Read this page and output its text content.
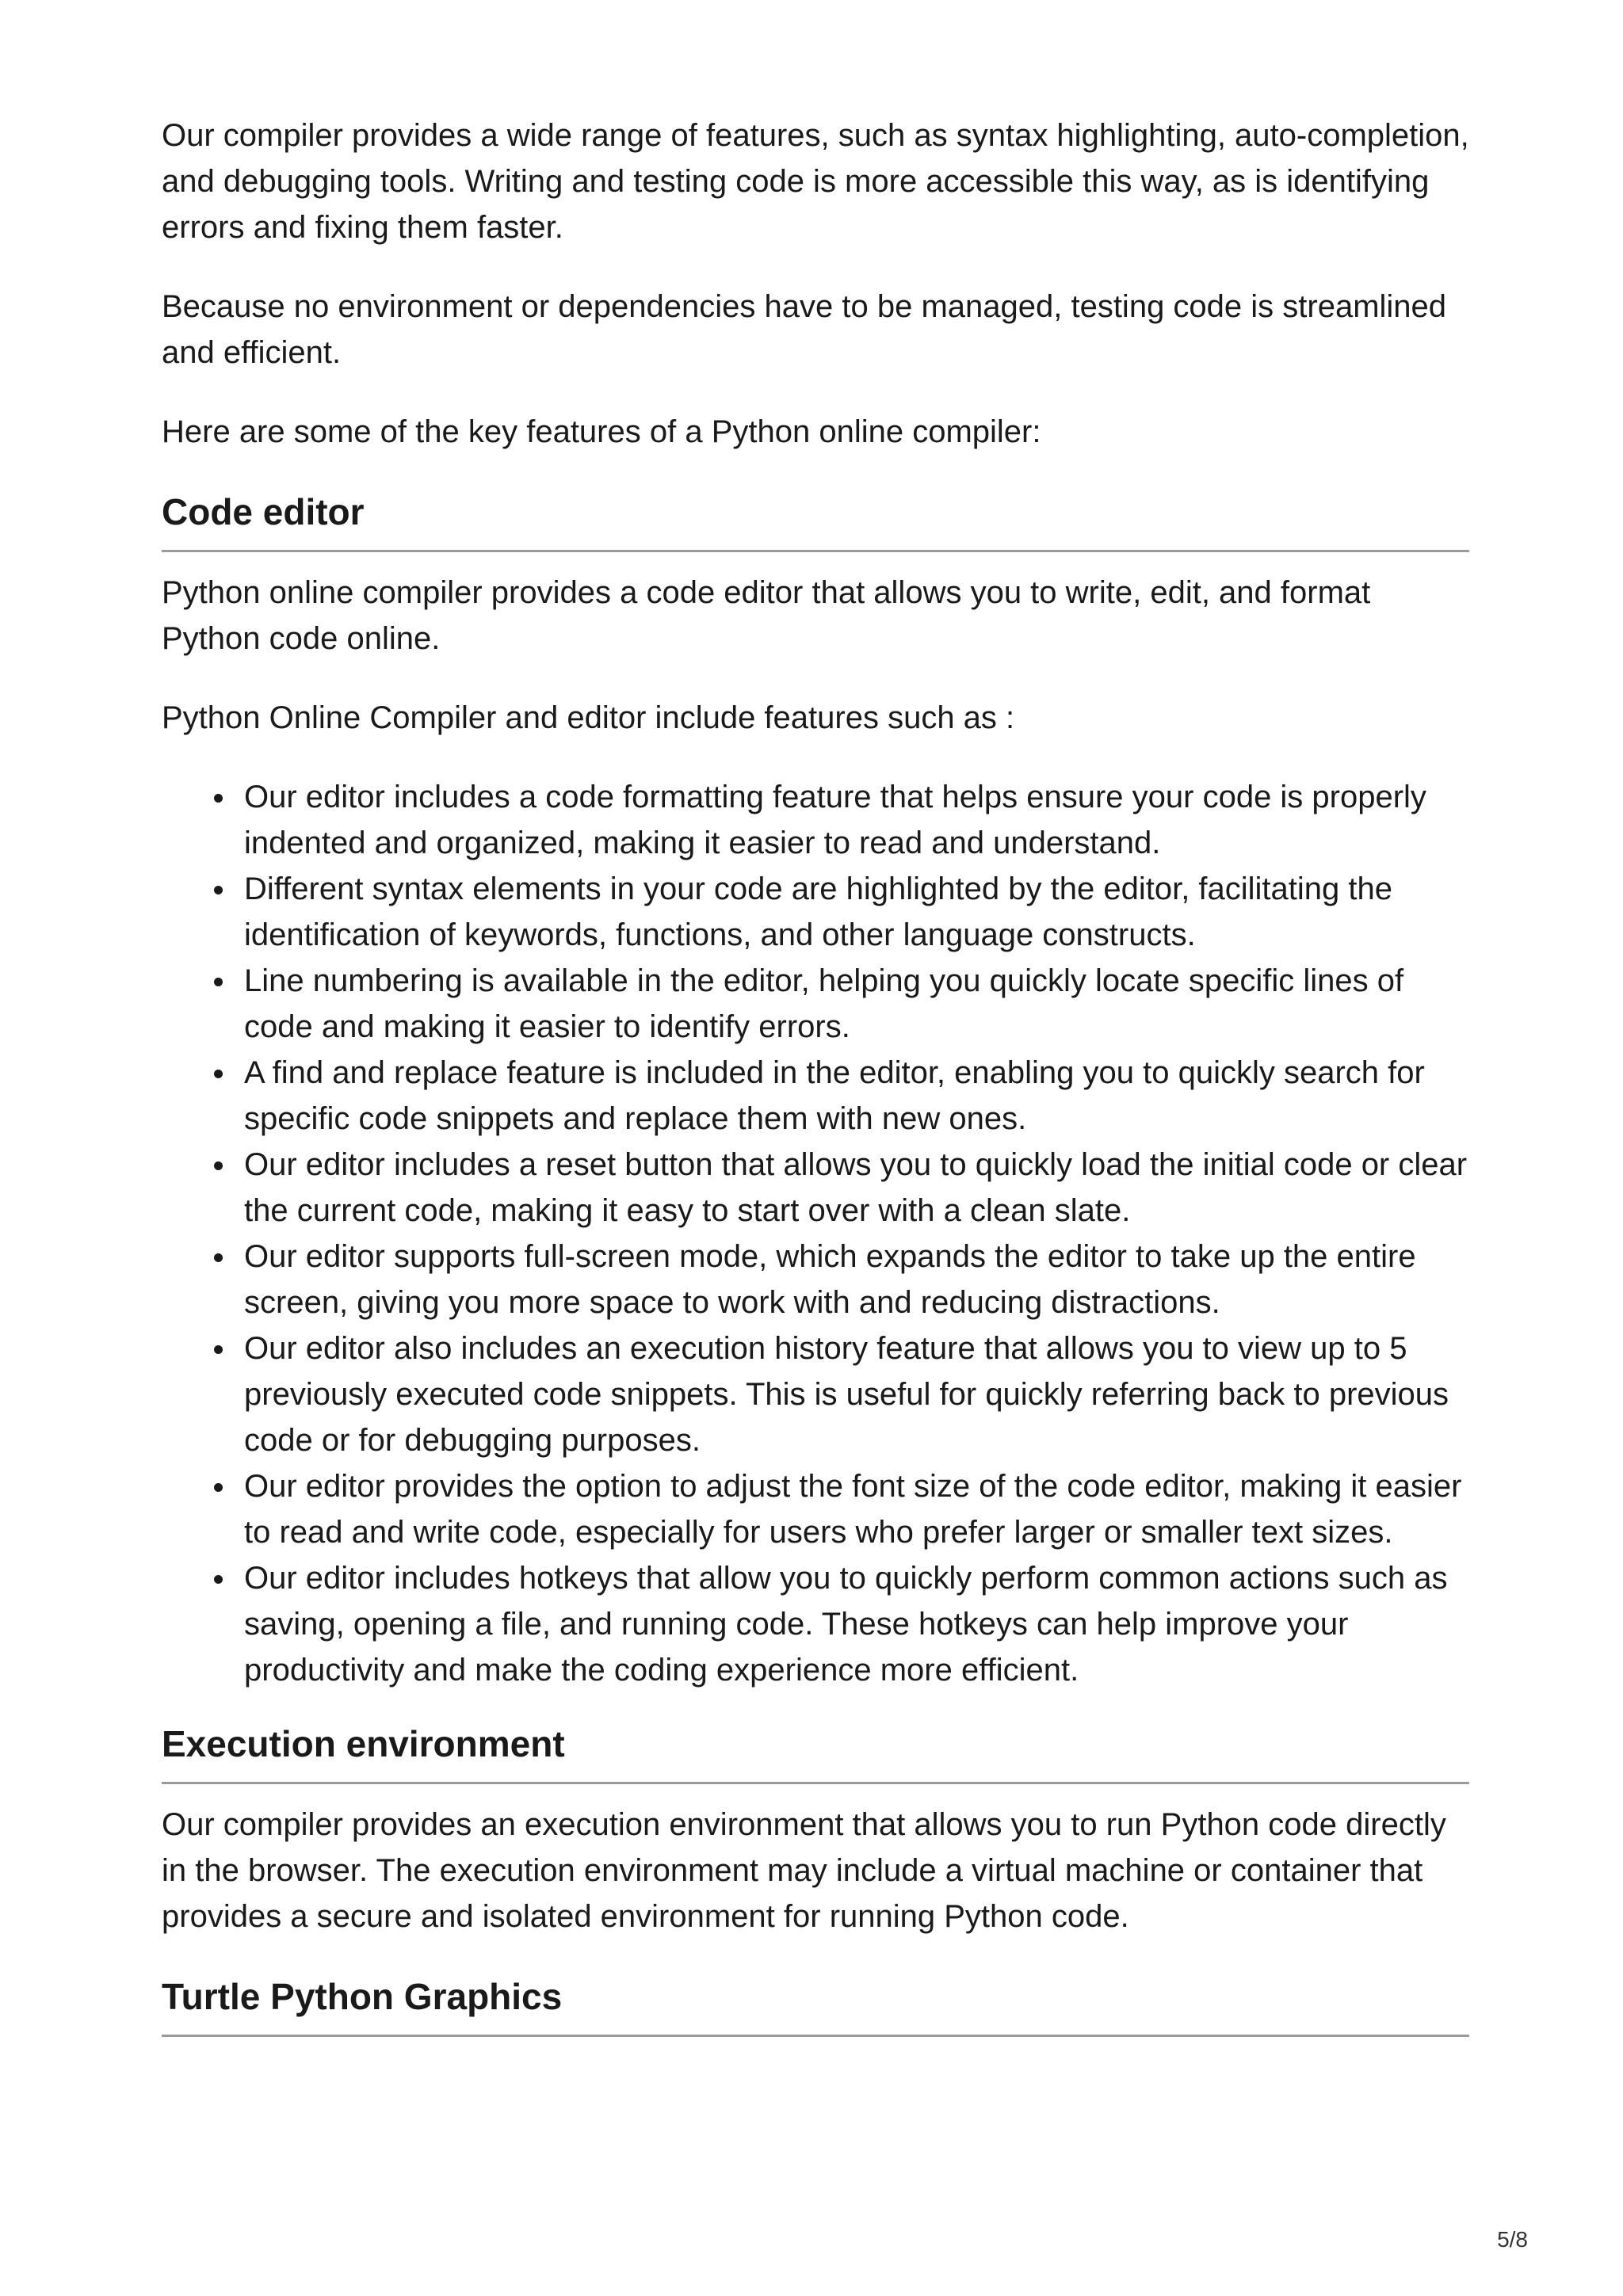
Our compiler provides a wide range of features, such as syntax highlighting, auto-completion, and debugging tools. Writing and testing code is more accessible this way, as is identifying errors and fixing them faster.

Because no environment or dependencies have to be managed, testing code is streamlined and efficient.

Here are some of the key features of a Python online compiler:

Code editor

Python online compiler provides a code editor that allows you to write, edit, and format Python code online.

Python Online Compiler and editor include features such as :

Our editor includes a code formatting feature that helps ensure your code is properly indented and organized, making it easier to read and understand.
Different syntax elements in your code are highlighted by the editor, facilitating the identification of keywords, functions, and other language constructs.
Line numbering is available in the editor, helping you quickly locate specific lines of code and making it easier to identify errors.
A find and replace feature is included in the editor, enabling you to quickly search for specific code snippets and replace them with new ones.
Our editor includes a reset button that allows you to quickly load the initial code or clear the current code, making it easy to start over with a clean slate.
Our editor supports full-screen mode, which expands the editor to take up the entire screen, giving you more space to work with and reducing distractions.
Our editor also includes an execution history feature that allows you to view up to 5 previously executed code snippets. This is useful for quickly referring back to previous code or for debugging purposes.
Our editor provides the option to adjust the font size of the code editor, making it easier to read and write code, especially for users who prefer larger or smaller text sizes.
Our editor includes hotkeys that allow you to quickly perform common actions such as saving, opening a file, and running code. These hotkeys can help improve your productivity and make the coding experience more efficient.
Execution environment

Our compiler provides an execution environment that allows you to run Python code directly in the browser. The execution environment may include a virtual machine or container that provides a secure and isolated environment for running Python code.

Turtle Python Graphics
5/8
